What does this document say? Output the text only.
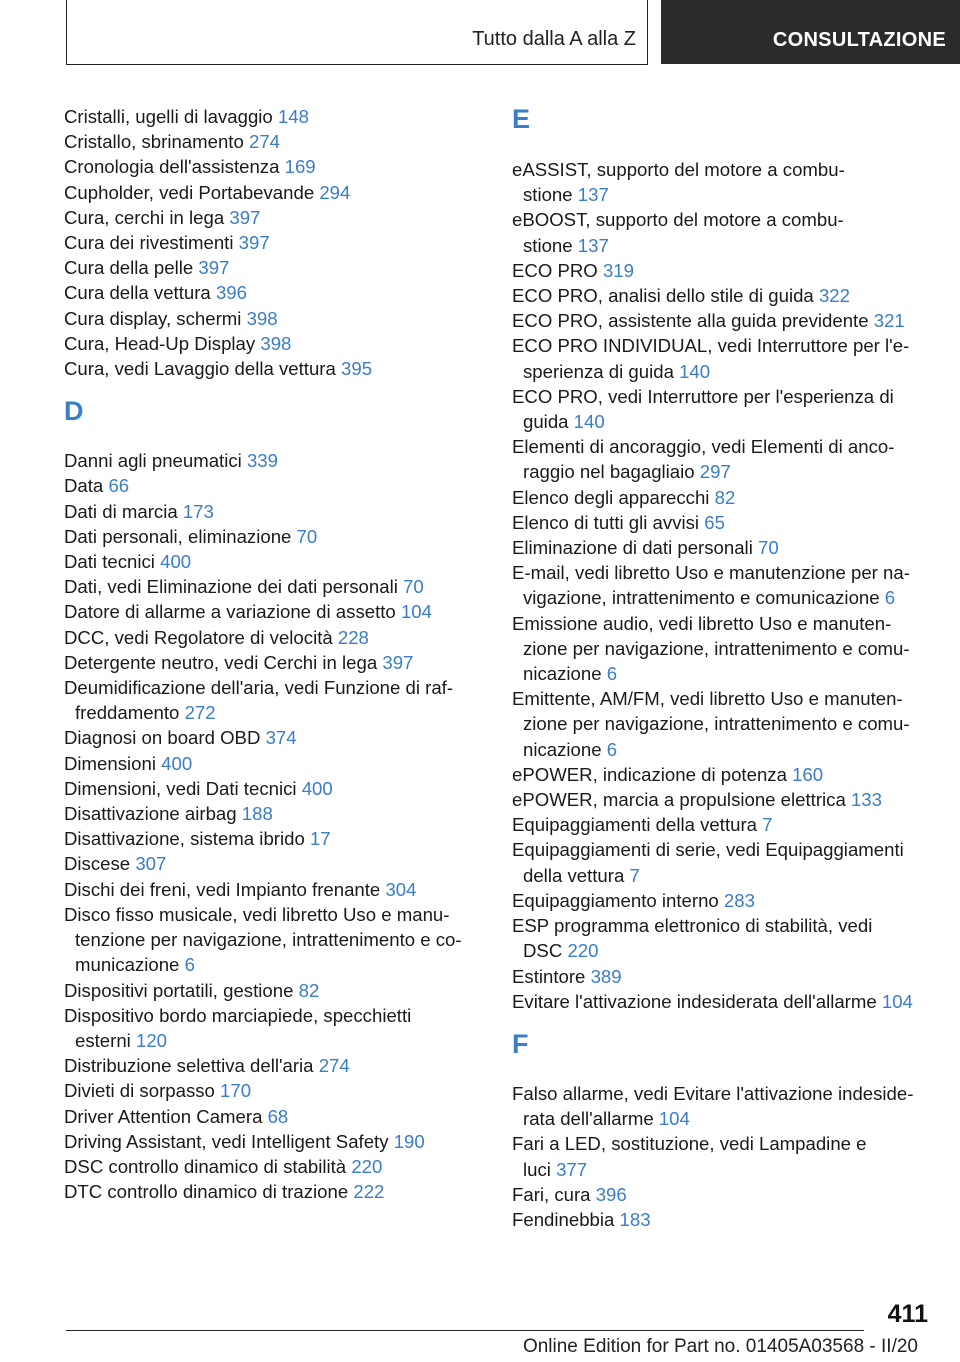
Tutto dalla A alla Z	CONSULTAZIONE
Cristalli, ugelli di lavaggio 148
Cristallo, sbrinamento 274
Cronologia dell'assistenza 169
Cupholder, vedi Portabevande 294
Cura, cerchi in lega 397
Cura dei rivestimenti 397
Cura della pelle 397
Cura della vettura 396
Cura display, schermi 398
Cura, Head-Up Display 398
Cura, vedi Lavaggio della vettura 395
D
Danni agli pneumatici 339
Data 66
Dati di marcia 173
Dati personali, eliminazione 70
Dati tecnici 400
Dati, vedi Eliminazione dei dati personali 70
Datore di allarme a variazione di assetto 104
DCC, vedi Regolatore di velocità 228
Detergente neutro, vedi Cerchi in lega 397
Deumidificazione dell'aria, vedi Funzione di raf-
freddamento 272
Diagnosi on board OBD 374
Dimensioni 400
Dimensioni, vedi Dati tecnici 400
Disattivazione airbag 188
Disattivazione, sistema ibrido 17
Discese 307
Dischi dei freni, vedi Impianto frenante 304
Disco fisso musicale, vedi libretto Uso e manu-
tenzione per navigazione, intrattenimento e co-
municazione 6
Dispositivi portatili, gestione 82
Dispositivo bordo marciapiede, specchietti
esterni 120
Distribuzione selettiva dell'aria 274
Divieti di sorpasso 170
Driver Attention Camera 68
Driving Assistant, vedi Intelligent Safety 190
DSC controllo dinamico di stabilità 220
DTC controllo dinamico di trazione 222
E
eASSIST, supporto del motore a combu-
stione 137
eBOOST, supporto del motore a combu-
stione 137
ECO PRO 319
ECO PRO, analisi dello stile di guida 322
ECO PRO, assistente alla guida previdente 321
ECO PRO INDIVIDUAL, vedi Interruttore per l'e-
sperienza di guida 140
ECO PRO, vedi Interruttore per l'esperienza di
guida 140
Elementi di ancoraggio, vedi Elementi di anco-
raggio nel bagagliaio 297
Elenco degli apparecchi 82
Elenco di tutti gli avvisi 65
Eliminazione di dati personali 70
E-mail, vedi libretto Uso e manutenzione per na-
vigazione, intrattenimento e comunicazione 6
Emissione audio, vedi libretto Uso e manuten-
zione per navigazione, intrattenimento e comu-
nicazione 6
Emittente, AM/FM, vedi libretto Uso e manuten-
zione per navigazione, intrattenimento e comu-
nicazione 6
ePOWER, indicazione di potenza 160
ePOWER, marcia a propulsione elettrica 133
Equipaggiamenti della vettura 7
Equipaggiamenti di serie, vedi Equipaggiamenti
della vettura 7
Equipaggiamento interno 283
ESP programma elettronico di stabilità, vedi
DSC 220
Estintore 389
Evitare l'attivazione indesiderata dell'allarme 104
F
Falso allarme, vedi Evitare l'attivazione indeside-
rata dell'allarme 104
Fari a LED, sostituzione, vedi Lampadine e
luci 377
Fari, cura 396
Fendinebbia 183
411
Online Edition for Part no. 01405A03568 - II/20
